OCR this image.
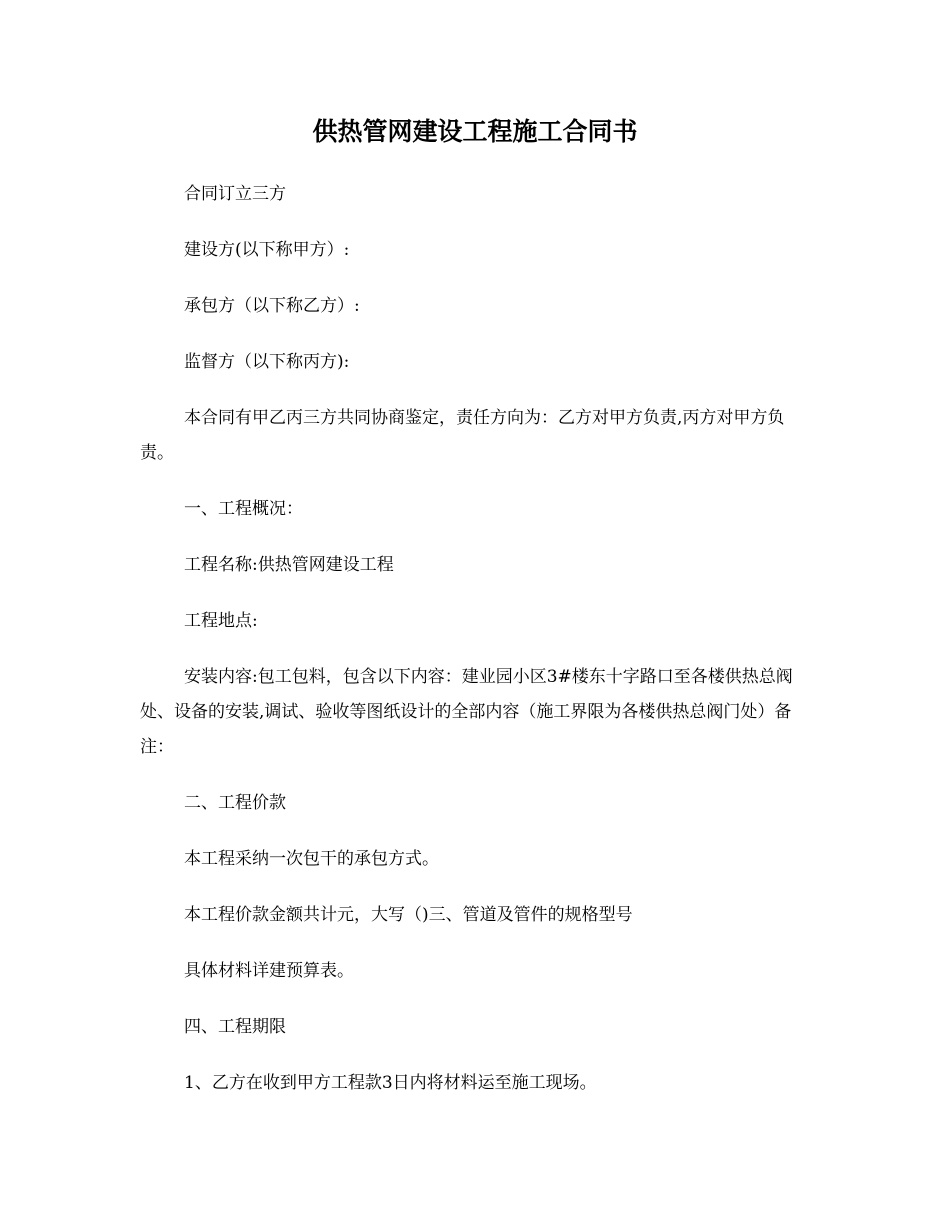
供热管网建设工程施工合同书

合同订立三方

建设方(以下称甲方）:

承包方（以下称乙方）:

监督方（以下称丙方):

本合同有甲乙丙三方共同协商鉴定，责任方向为：乙方对甲方负责,丙方对甲方负责。

一、工程概况：

工程名称:供热管网建设工程

工程地点:

安装内容:包工包料，包含以下内容：建业园小区3#楼东十字路口至各楼供热总阀处、设备的安装,调试、验收等图纸设计的全部内容（施工界限为各楼供热总阀门处）备注：

二、工程价款

本工程采纳一次包干的承包方式。

本工程价款金额共计元，大写（)三、管道及管件的规格型号

具体材料详建预算表。

四、工程期限

1、乙方在收到甲方工程款3日内将材料运至施工现场。
